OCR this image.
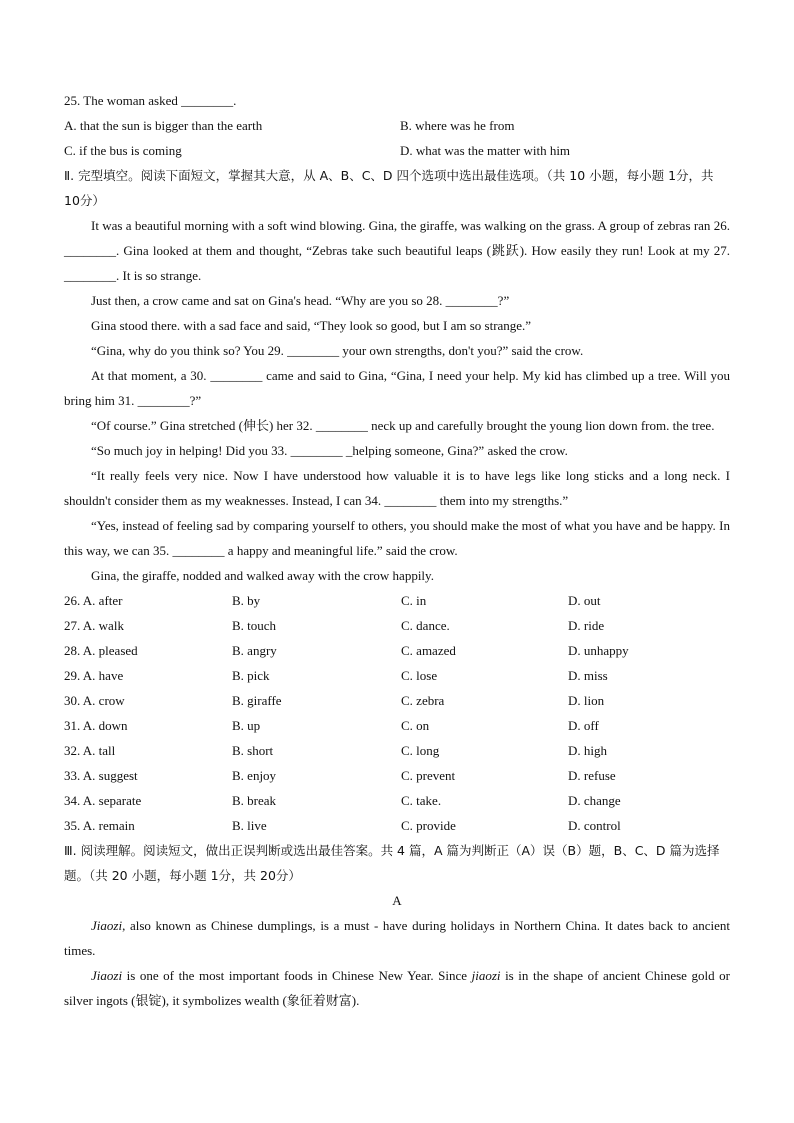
25. The woman asked ________.
A. that the sun is bigger than the earth	B. where was he from
C. if the bus is coming	D. what was the matter with him
Ⅱ. 完型填空。阅读下面短文，掌握其大意，从 A、B、C、D 四个选项中选出最佳选项。（共 10 小题，每小题 1分，共 10分）
It was a beautiful morning with a soft wind blowing. Gina, the giraffe, was walking on the grass. A group of zebras ran 26. ________. Gina looked at them and thought, “Zebras take such beautiful leaps (跳跃). How easily they run! Look at my 27. ________. It is so strange.
Just then, a crow came and sat on Gina's head. “Why are you so 28. ________?”
Gina stood there. with a sad face and said, “They look so good, but I am so strange.”
“Gina, why do you think so? You 29. ________ your own strengths, don't you?” said the crow.
At that moment, a 30. ________ came and said to Gina, “Gina, I need your help. My kid has climbed up a tree. Will you bring him 31. ________?”
“Of course.” Gina stretched (伸长) her 32. ________ neck up and carefully brought the young lion down from. the tree.
“So much joy in helping! Did you 33. ________ _helping someone, Gina?” asked the crow.
“It really feels very nice. Now I have understood how valuable it is to have legs like long sticks and a long neck. I shouldn't consider them as my weaknesses. Instead, I can 34. ________ them into my strengths.”
“Yes, instead of feeling sad by comparing yourself to others, you should make the most of what you have and be happy. In this way, we can 35. ________ a happy and meaningful life.” said the crow.
Gina, the giraffe, nodded and walked away with the crow happily.
26. A. after	B. by	C. in	D. out
27. A. walk	B. touch	C. dance.	D. ride
28. A. pleased	B. angry	C. amazed	D. unhappy
29. A. have	B. pick	C. lose	D. miss
30. A. crow	B. giraffe	C. zebra	D. lion
31. A. down	B. up	C. on	D. off
32. A. tall	B. short	C. long	D. high
33. A. suggest	B. enjoy	C. prevent	D. refuse
34. A. separate	B. break	C. take.	D. change
35. A. remain	B. live	C. provide	D. control
Ⅲ. 阅读理解。阅读短文，做出正误判断或选出最佳答案。共 4 篇，A 篇为判断正（A）误（B）题，B、C、D 篇为选择题。（共 20 小题，每小题 1分，共 20分）
A
Jiaozi, also known as Chinese dumplings, is a must - have during holidays in Northern China. It dates back to ancient times.
Jiaozi is one of the most important foods in Chinese New Year. Since jiaozi is in the shape of ancient Chinese gold or silver ingots (银锭), it symbolizes wealth (象征着财富).
